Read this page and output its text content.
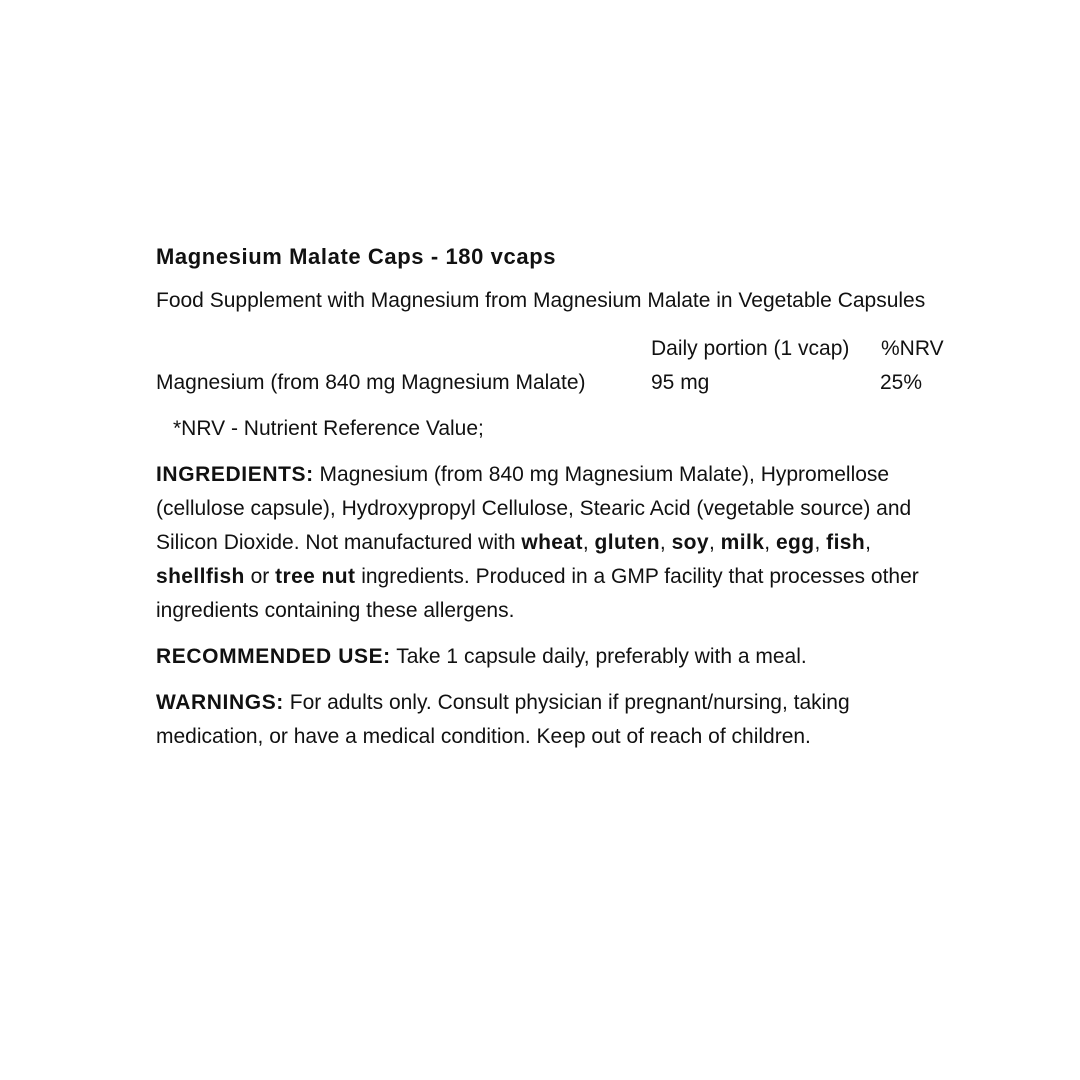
Magnesium Malate Caps - 180 vcaps
Food Supplement with Magnesium from Magnesium Malate in Vegetable Capsules
Daily portion (1 vcap) %NRV
Magnesium (from 840 mg Magnesium Malate)	95 mg	25%
*NRV - Nutrient Reference Value;
INGREDIENTS: Magnesium (from 840 mg Magnesium Malate), Hypromellose (cellulose capsule), Hydroxypropyl Cellulose, Stearic Acid (vegetable source) and Silicon Dioxide. Not manufactured with wheat, gluten, soy, milk, egg, fish, shellfish or tree nut ingredients. Produced in a GMP facility that processes other ingredients containing these allergens.
RECOMMENDED USE: Take 1 capsule daily, preferably with a meal.
WARNINGS: For adults only. Consult physician if pregnant/nursing, taking medication, or have a medical condition. Keep out of reach of children.
